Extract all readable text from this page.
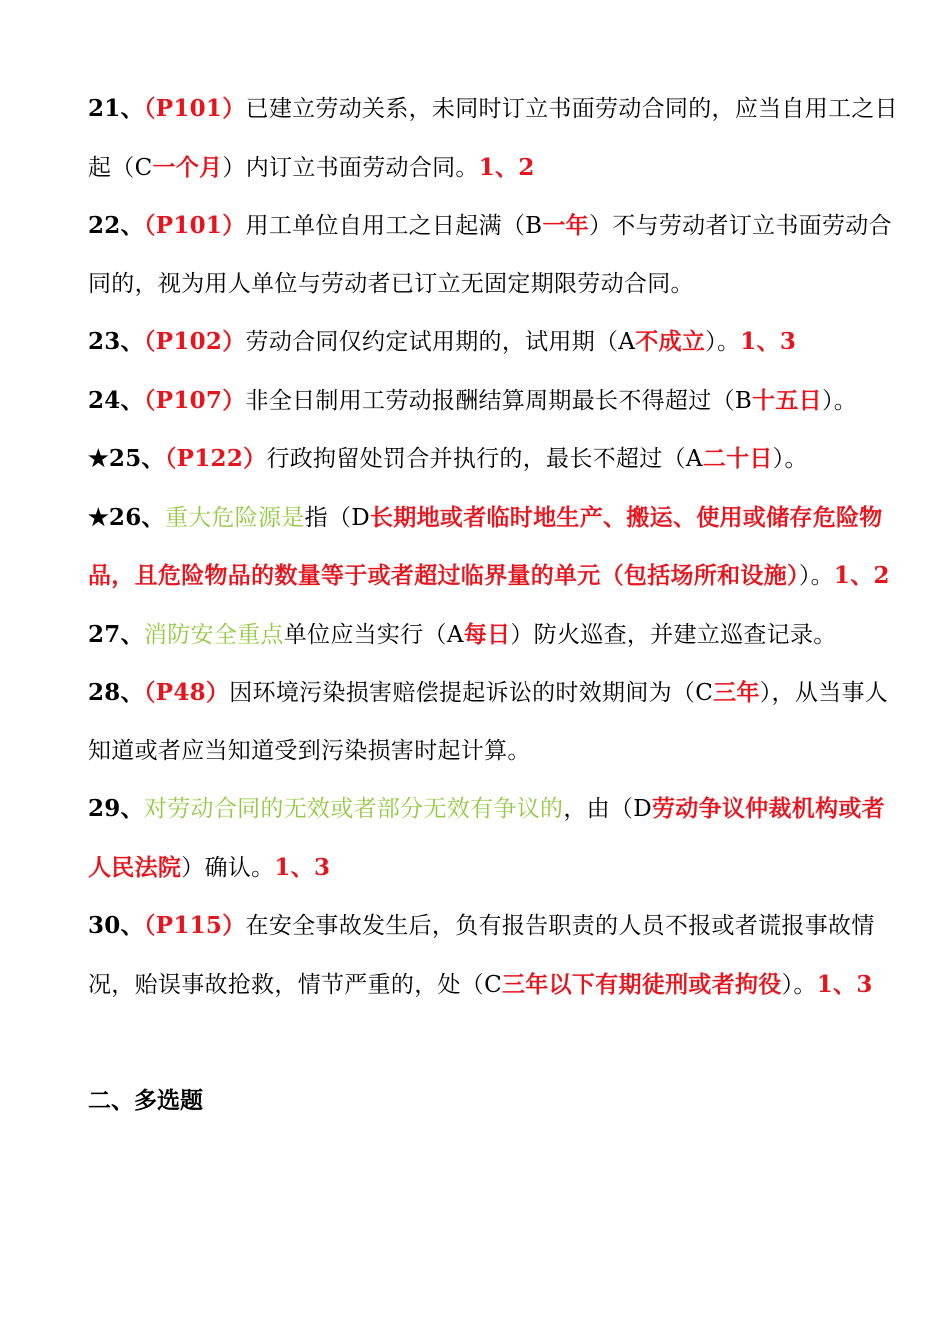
21、（P101）已建立劳动关系，未同时订立书面劳动合同的，应当自用工之日起（C一个月）内订立书面劳动合同。1、2

22、（P101）用工单位自用工之日起满（B一年）不与劳动者订立书面劳动合同的，视为用人单位与劳动者已订立无固定期限劳动合同。

23、（P102）劳动合同仅约定试用期的，试用期（A不成立）。1、3

24、（P107）非全日制用工劳动报酬结算周期最长不得超过（B十五日）。

★25、（P122）行政拘留处罚合并执行的，最长不超过（A二十日）。

★26、重大危险源是指（D长期地或者临时地生产、搬运、使用或储存危险物品，且危险物品的数量等于或者超过临界量的单元（包括场所和设施））。1、2

27、消防安全重点单位应当实行（A每日）防火巡查，并建立巡查记录。

28、（P48）因环境污染损害赔偿提起诉讼的时效期间为（C三年），从当事人知道或者应当知道受到污染损害时起计算。

29、对劳动合同的无效或者部分无效有争议的，由（D劳动争议仲裁机构或者人民法院）确认。1、3

30、（P115）在安全事故发生后，负有报告职责的人员不报或者谎报事故情况，贻误事故抢救，情节严重的，处（C三年以下有期徒刑或者拘役）。1、3

二、多选题
